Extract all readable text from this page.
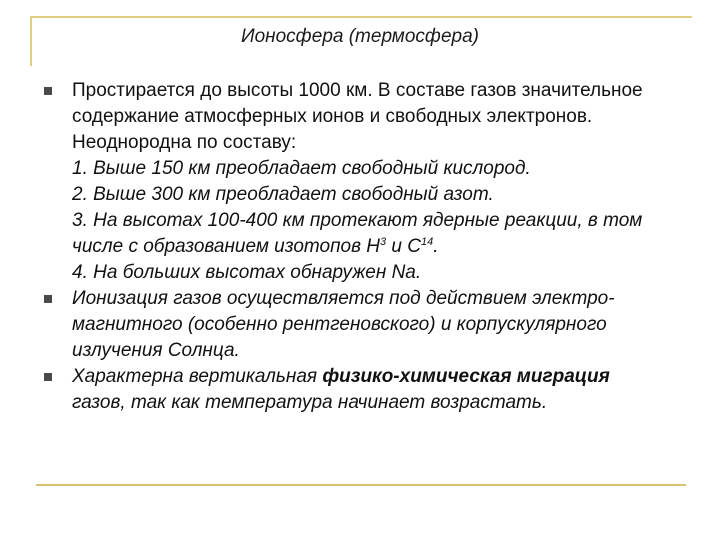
Ионосфера (термосфера)
Простирается до высоты 1000 км. В составе газов значительное
содержание атмосферных ионов и свободных электронов.
Неоднородна по составу:
1. Выше 150 км преобладает свободный кислород.
2. Выше 300 км преобладает свободный азот.
3. На высотах 100-400 км протекают ядерные реакции, в том
числе с образованием изотопов $Н^3$ и $С^{14}$.
4. На больших высотах обнаружен Na.
Ионизация газов осуществляется под действием электро-
магнитного (особенно рентгеновского) и корпускулярного
излучения Солнца.
Характерна вертикальная физико-химическая миграция
газов, так как температура начинает возрастать.
